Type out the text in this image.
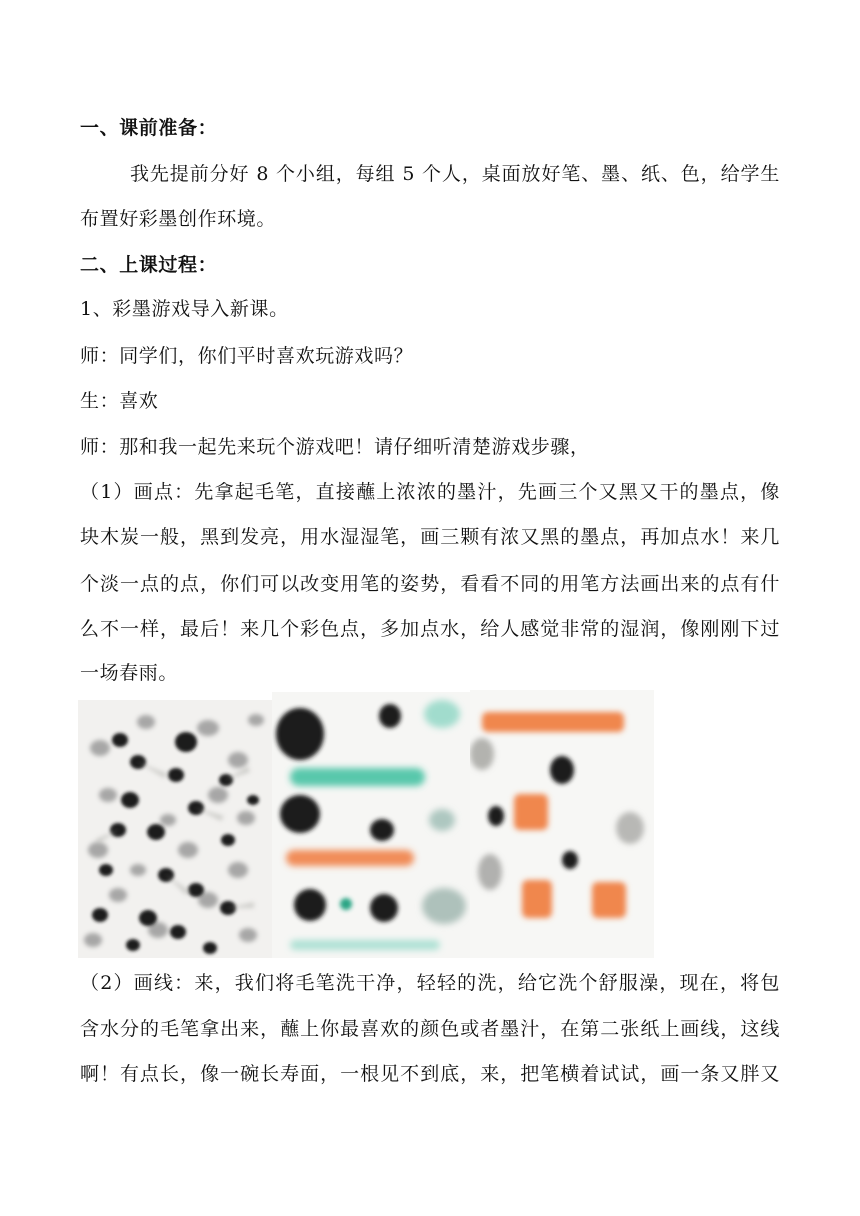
一、课前准备：
我先提前分好 8 个小组，每组 5 个人，桌面放好笔、墨、纸、色，给学生
布置好彩墨创作环境。
二、上课过程：
1、彩墨游戏导入新课。
师：同学们，你们平时喜欢玩游戏吗？
生：喜欢
师：那和我一起先来玩个游戏吧！请仔细听清楚游戏步骤，
（1）画点：先拿起毛笔，直接蘸上浓浓的墨汁，先画三个又黑又干的墨点，像
块木炭一般，黑到发亮，用水湿湿笔，画三颗有浓又黑的墨点，再加点水！来几
个淡一点的点，你们可以改变用笔的姿势，看看不同的用笔方法画出来的点有什
么不一样，最后！来几个彩色点，多加点水，给人感觉非常的湿润，像刚刚下过
一场春雨。
（2）画线：来，我们将毛笔洗干净，轻轻的洗，给它洗个舒服澡，现在，将包
含水分的毛笔拿出来，蘸上你最喜欢的颜色或者墨汁，在第二张纸上画线，这线
啊！有点长，像一碗长寿面，一根见不到底，来，把笔横着试试，画一条又胖又
